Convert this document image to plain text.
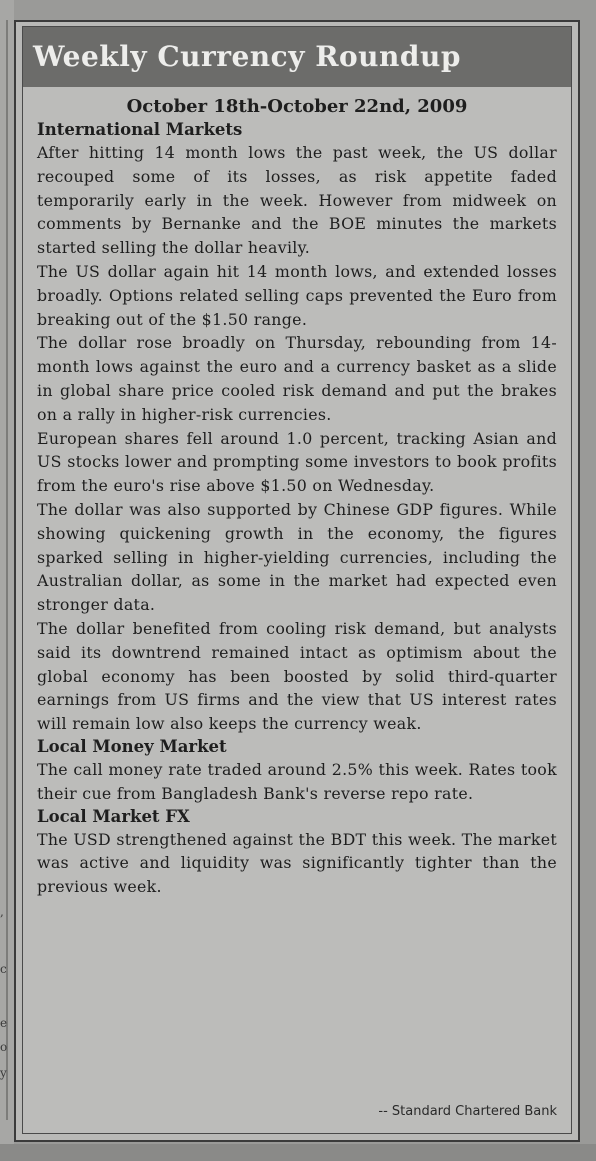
,
c
e
o
y
Weekly Currency Roundup
October 18th-October 22nd, 2009
International Markets

After hitting 14 month lows the past week, the US dollar recouped some of its losses, as risk appetite faded temporarily early in the week. However from midweek on comments by Bernanke and the BOE minutes the markets started selling the dollar heavily.

The US dollar again hit 14 month lows, and extended losses broadly. Options related selling caps prevented the Euro from breaking out of the $1.50 range.

The dollar rose broadly on Thursday, rebounding from 14-month lows against the euro and a currency basket as a slide in global share price cooled risk demand and put the brakes on a rally in higher-risk currencies.

European shares fell around 1.0 percent, tracking Asian and US stocks lower and prompting some investors to book profits from the euro's rise above $1.50 on Wednesday.

The dollar was also supported by Chinese GDP figures. While showing quickening growth in the economy, the figures sparked selling in higher-yielding currencies, including the Australian dollar, as some in the market had expected even stronger data.

The dollar benefited from cooling risk demand, but analysts said its downtrend remained intact as optimism about the global economy has been boosted by solid third-quarter earnings from US firms and the view that US interest rates will remain low also keeps the currency weak.

Local Money Market

The call money rate traded around 2.5% this week. Rates took their cue from Bangladesh Bank's reverse repo rate.

Local Market FX

The USD strengthened against the BDT this week. The market was active and liquidity was significantly tighter than the previous week.

-- Standard Chartered Bank
